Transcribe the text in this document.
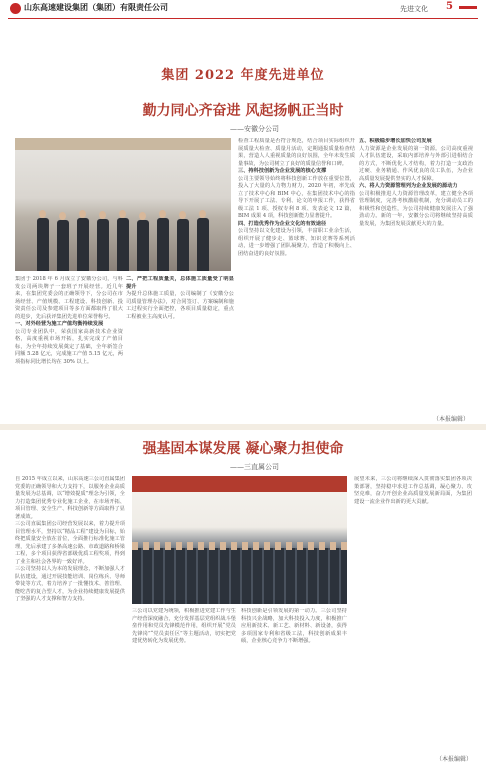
山东高速建设集团（集团）有限责任公司	先进文化 5
集团 2022 年度先进单位
勤力同心齐奋进 风起扬帆正当时
——安徽分公司
集团于 2018 年 6 月成立了安徽分公司，与科发公司两块牌子一套班子开展经营。近几年来，在集团党委会的正确领导下，分公司在市场经营、产值规模、工程建设、科技创新、投资责任公司及参建项目等多方面都取得了很大的进步，先后获评集团先进单位荣誉称号。
一、对外经营为施工产值均衡持续发展
公司专业团队中，荣获国家高新技术企业资格，高度重视市场开拓，扎实完成了产值目标，为全年持续发展奠定了基础，全年新签合同额 5.28 亿元，完成施工产值 5.15 亿元，两项指标同比增长均在 30% 以上。
二、严把工程质量关，总体施工质量受了明显提升
为提升总体施工质量，公司编制了《安徽分公司质量管理办法》，对合同签订、方案编制和施工过程实行全面把控，各项目质量稳定，重点工程被业主高度认可。
检查工程质量是否符合规范，结合项目实际组织开展质量大检查、质量月活动，定期通报质量检查结果，营造人人重视质量的良好氛围，全年未发生质量事故，为公司树立了良好的质量信誉和口碑。
三、持科技创新为企业发展的核心支撑
公司主要领导始终将科技创新工作放在重要位置，投入了大量的人力物力财力，2020 年初，率先成立了技术中心和 BIM 中心，在集团技术中心的指导下开展了工法、专利、论文的申报工作，获得省级工法 1 项、授权专利 8 项、发表论文 12 篇，BIM 成果 4 项，科技创新能力显著提升。
四、打造优秀作为企业文化的有效途径
公司坚持以文化建设为引领，丰富职工业余生活，组织开展了健步走、篮球赛、知识竞赛等系列活动，进一步增强了团队凝聚力，营造了积极向上、团结奋进的良好氛围。
五、积极稳步增长加快公司发展
人力资源是企业发展的第一资源。公司高度重视人才队伍建设，采取内部培养与外部引进相结合的方式，不断优化人才结构，着力打造一支政治过硬、业务精通、作风优良的员工队伍，为企业高质量发展提供坚实的人才保障。
六、将人力资源管理列为企业发展的源动力
公司积极推进人力资源管理改革，建立健全各项管理制度，完善考核激励机制，充分调动员工的积极性和创造性，为公司持续健康发展注入了强劲动力。新的一年，安徽分公司将继续坚持高质量发展，为集团发展贡献更大的力量。
（本报编辑）
强基固本谋发展 凝心聚力担使命
——三直属公司
自 2015 年成立以来，山东高速三公司直属集团党委的正确领导和大力支持下，以服务企业高质量发展为总基调，以“增效提质”理念为引领，全力打造集团优秀专业化施工企业，在市场开拓、项目管理、安全生产、科技创新等方面取得了显著成效。
三公司直属集团公司经营发展以来，着力提升项目管理水平，坚持以“精品工程”建设为目标，始终把质量安全放在首位，全面推行标准化施工管理，先后承建了多条高速公路、市政道路和桥梁工程，多个项目获得省部级优质工程奖项，得到了业主和社会各界的一致好评。
三公司坚持以人为本的发展理念，不断加强人才队伍建设，通过开展技能培训、岗位练兵、导师带徒等方式，着力培养了一批懂技术、善管理、能吃苦的复合型人才，为企业持续健康发展提供了坚强的人才支撑和智力支持。
三公司以党建为统领，积极推进党建工作与生产经营深度融合，充分发挥基层党组织战斗堡垒作用和党员先锋模范作用，组织开展“党员先锋岗”“党员责任区”等主题活动，切实把党建优势转化为发展优势。
科技创新是引领发展的第一动力。三公司坚持科技兴企战略，加大科技投入力度，积极推广应用新技术、新工艺、新材料、新设备，获得多项国家专利和省级工法，科技创新成果丰硕，企业核心竞争力不断增强。
展望未来，三公司将继续深入贯彻落实集团各项决策部署，坚持稳中求进工作总基调，凝心聚力、攻坚克难，奋力开创企业高质量发展新局面，为集团建设一流企业作出新的更大贡献。
（本报编辑）
